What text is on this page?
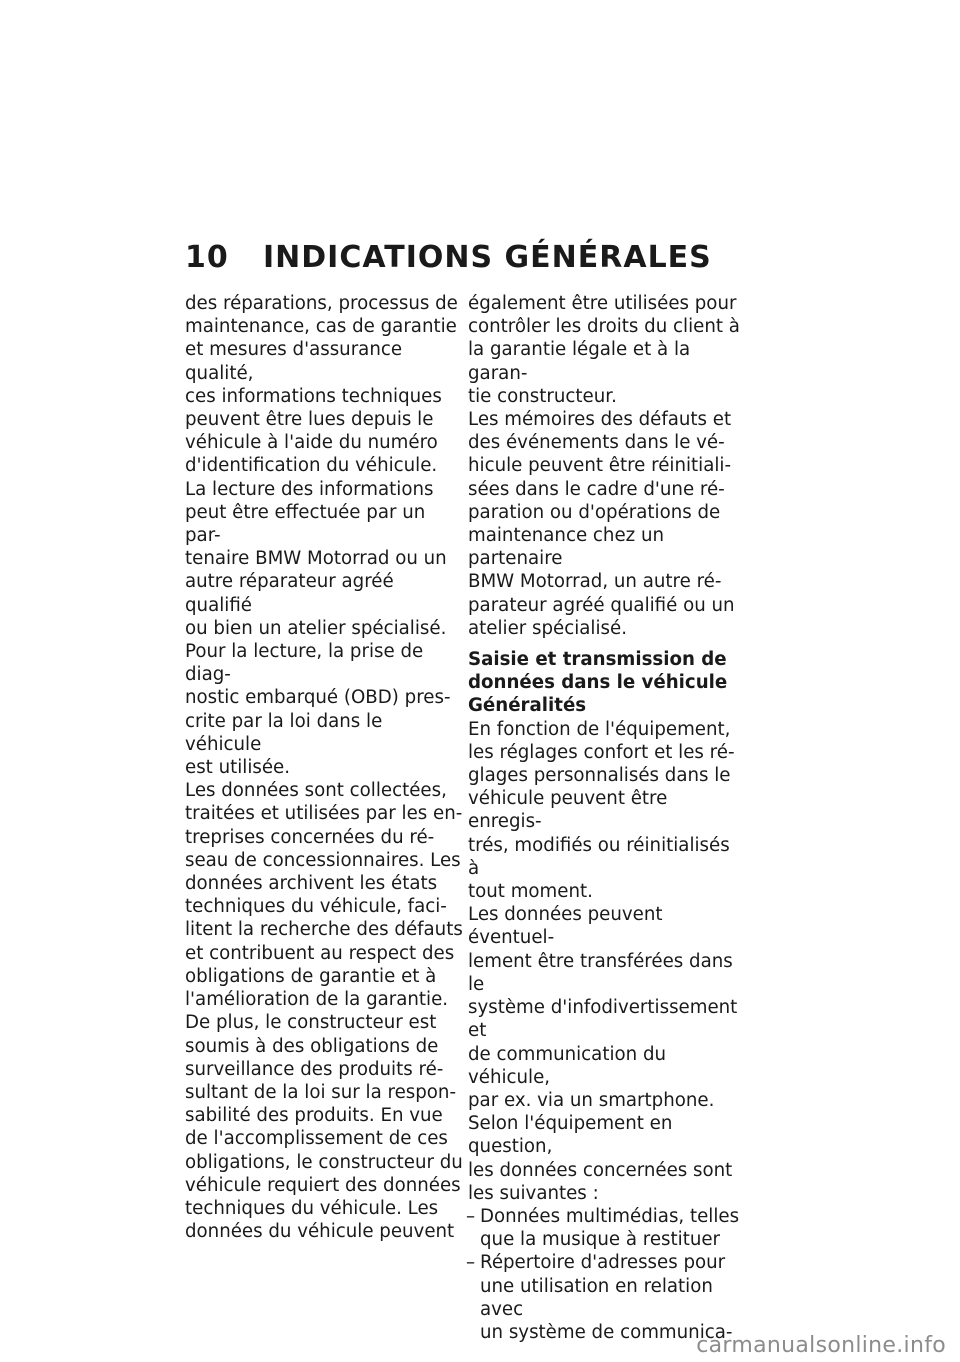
10	INDICATIONS GÉNÉRALES

des réparations, processus de
maintenance, cas de garantie
et mesures d'assurance qualité,
ces informations techniques
peuvent être lues depuis le
véhicule à l'aide du numéro
d'identification du véhicule.

La lecture des informations
peut être effectuée par un par-
tenaire BMW Motorrad ou un
autre réparateur agréé qualifié
ou bien un atelier spécialisé.
Pour la lecture, la prise de diag-
nostic embarqué (OBD) pres-
crite par la loi dans le véhicule
est utilisée.

Les données sont collectées,
traitées et utilisées par les en-
treprises concernées du ré-
seau de concessionnaires. Les
données archivent les états
techniques du véhicule, faci-
litent la recherche des défauts
et contribuent au respect des
obligations de garantie et à
l'amélioration de la garantie.

De plus, le constructeur est
soumis à des obligations de
surveillance des produits ré-
sultant de la loi sur la respon-
sabilité des produits. En vue
de l'accomplissement de ces
obligations, le constructeur du
véhicule requiert des données
techniques du véhicule. Les
données du véhicule peuvent

également être utilisées pour
contrôler les droits du client à
la garantie légale et à la garan-
tie constructeur.

Les mémoires des défauts et
des événements dans le vé-
hicule peuvent être réinitiali-
sées dans le cadre d'une ré-
paration ou d'opérations de
maintenance chez un partenaire
BMW Motorrad, un autre ré-
parateur agréé qualifié ou un
atelier spécialisé.

Saisie et transmission de
données dans le véhicule

Généralités

En fonction de l'équipement,
les réglages confort et les ré-
glages personnalisés dans le
véhicule peuvent être enregis-
trés, modifiés ou réinitialisés à
tout moment.

Les données peuvent éventuel-
lement être transférées dans le
système d'infodivertissement et
de communication du véhicule,
par ex. via un smartphone.

Selon l'équipement en question,
les données concernées sont
les suivantes :

– Données multimédias, telles
que la musique à restituer
– Répertoire d'adresses pour
une utilisation en relation avec
un système de communica-
carmanualsonline.info
